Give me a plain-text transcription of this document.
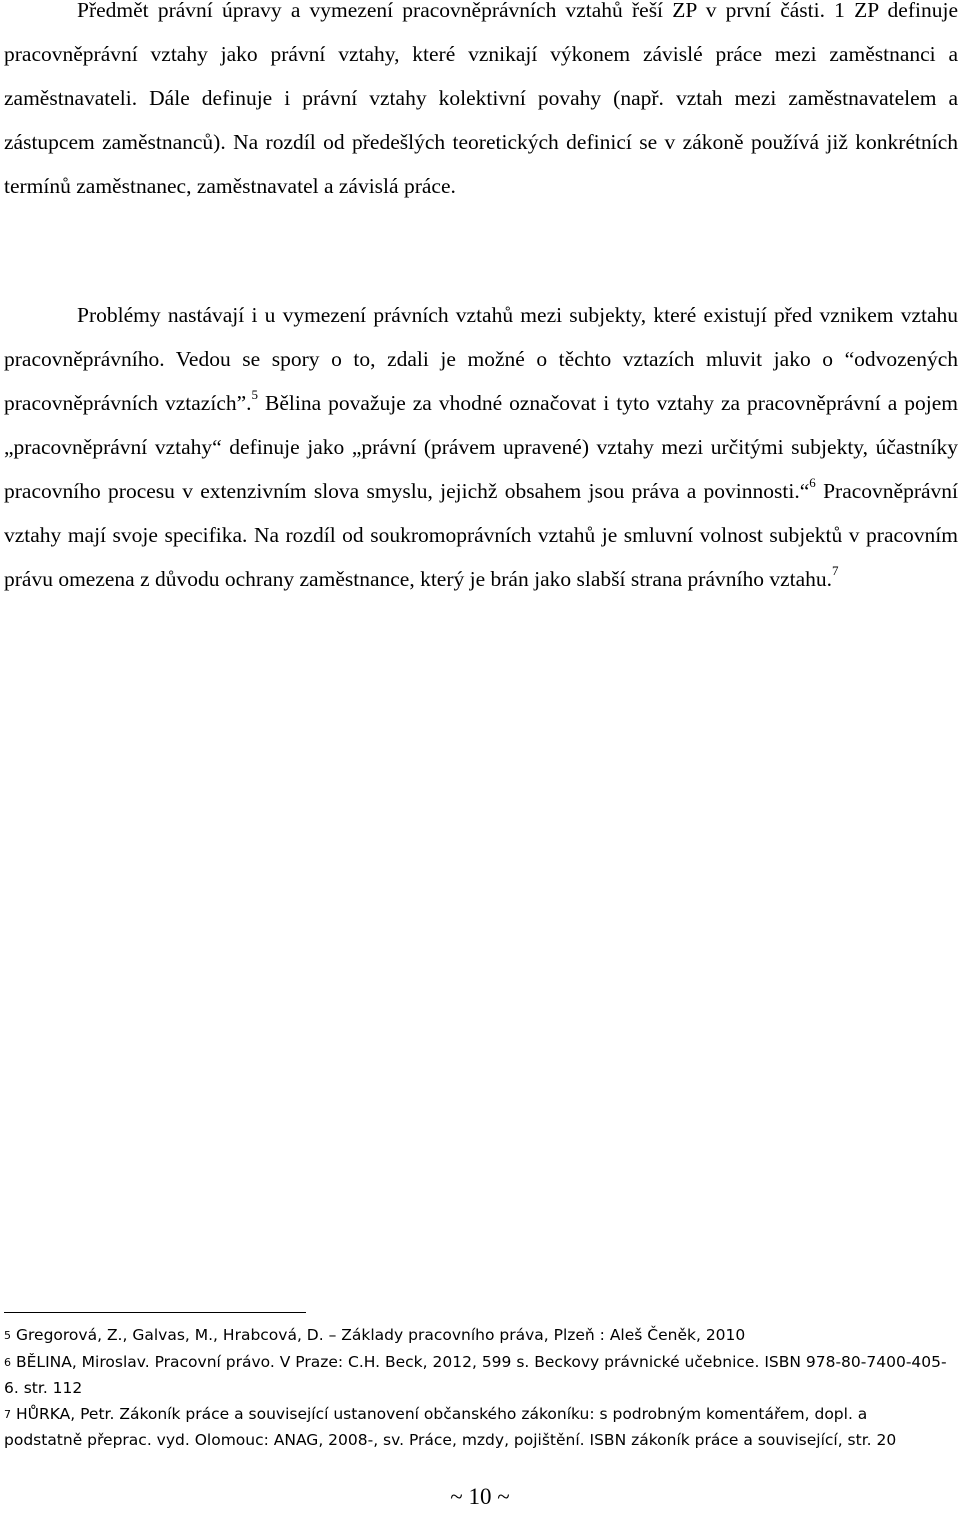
Předmět právní úpravy a vymezení pracovněprávních vztahů řeší ZP v první části. 1 ZP definuje pracovněprávní vztahy jako právní vztahy, které vznikají výkonem závislé práce mezi zaměstnanci a zaměstnavateli. Dále definuje i právní vztahy kolektivní povahy (např. vztah mezi zaměstnavatelem a zástupcem zaměstnanců). Na rozdíl od předešlých teoretických definicí se v zákoně používá již konkrétních termínů zaměstnanec, zaměstnavatel a závislá práce.

Problémy nastávají i u vymezení právních vztahů mezi subjekty, které existují před vznikem vztahu pracovněprávního. Vedou se spory o to, zdali je možné o těchto vztazích mluvit jako o “odvozených pracovněprávních vztazích”.$^5$ Bělina považuje za vhodné označovat i tyto vztahy za pracovněprávní a pojem „pracovněprávní vztahy“ definuje jako „právní (právem upravené) vztahy mezi určitými subjekty, účastníky pracovního procesu v extenzivním slova smyslu, jejichž obsahem jsou práva a povinnosti.“$^6$ Pracovněprávní vztahy mají svoje specifika. Na rozdíl od soukromoprávních vztahů je smluvní volnost subjektů v pracovním právu omezena z důvodu ochrany zaměstnance, který je brán jako slabší strana právního vztahu.$^7$

5 Gregorová, Z., Galvas, M., Hrabcová, D. – Základy pracovního práva, Plzeň : Aleš Čeněk, 2010

6 BĚLINA, Miroslav. Pracovní právo. V Praze: C.H. Beck, 2012, 599 s. Beckovy právnické učebnice. ISBN 978-80-7400-405-6. str. 112

7 HŮRKA, Petr. Zákoník práce a související ustanovení občanského zákoníku: s podrobným komentářem, dopl. a podstatně přeprac. vyd. Olomouc: ANAG, 2008-, sv. Práce, mzdy, pojištění. ISBN zákoník práce a související, str. 20

~ 10 ~
